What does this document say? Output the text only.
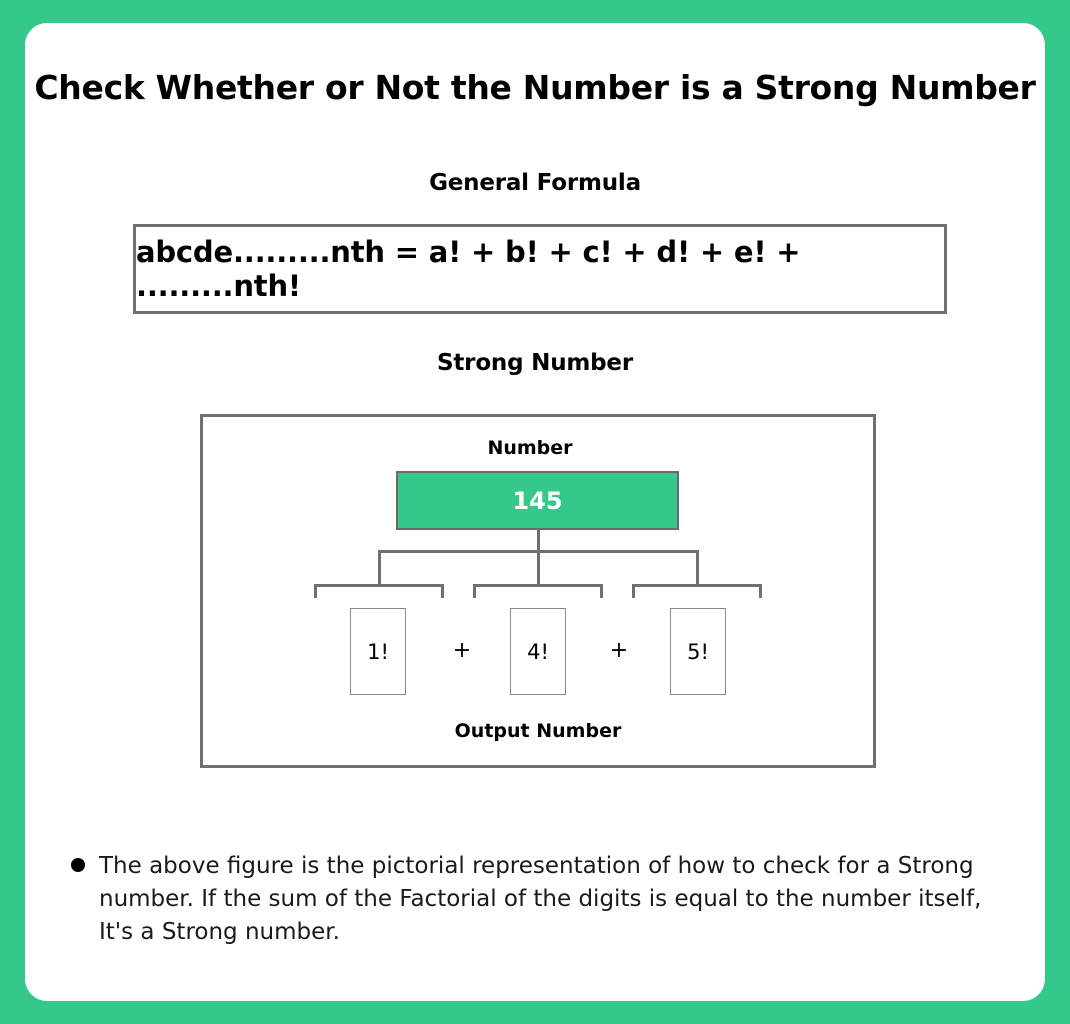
Check Whether or Not the Number is a Strong Number
General Formula
abcde.........nth = a! + b! + c! + d! + e! + .........nth!
Strong Number
Number
145
1!	+	4!	+	5!
Output Number
The above figure is the pictorial representation of how to check for a Strong number. If the sum of the Factorial of the digits is equal to the number itself, It's a Strong number.
